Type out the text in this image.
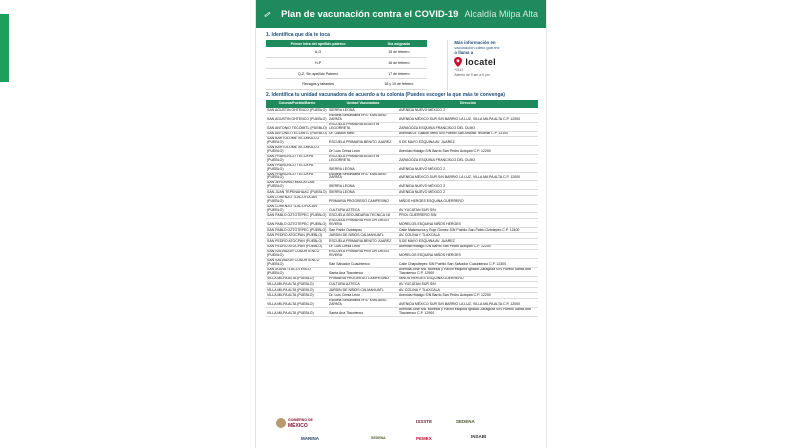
Plan de vacunación contra el COVID-19 Alcaldía Milpa Alta
1. Identifica que día te toca
Primer letra del apellido paterno	Día asignado
A-G	15 de febrero
H-P	16 de febrero
Q-Z, Sin apellido Paterno	17 de febrero
Rezagos y faltantes	18 y 19 de febrero
Más información en
vacunacion.cdmx.gob.mx
o llama a
locatel
*0311
Abierto de 9 am a 8 pm
2. Identifica tu unidad vacunadora de acuerdo a tu colonia (Puedes escoger la que más te convenga)
Colonia/Pueblo/Barrio	Unidad Vacunadora	Dirección
SAN AGUSTIN OHTENCO (PUEBLO)	SIERRA LEONA	AVENIDA NUEVO MÉXICO 2
SAN AGUSTIN OHTENCO (PUEBLO)	Escuela Secundaria Nº37 EMILIANO ZAPATA	AVENIDA MÉXICO SUR S/N BARRIO LA LUZ, VILLA MILPA ALTA C.P. 12000
SAN ANTONIO TECOMITL (PUEBLO)	ESCUELA PRIMARIA AGUSTIN LEGORRETA	ZARAGOZA ESQUINA FRANCISCO DEL OLMO
SAN ANTONIO TECOMITL (PUEBLO)	Dr. Gastón Melo	Avenida Dr. Gastón Melo S/N Pueblo San Antonio Tecomitl C.P. 12100
SAN BARTOLOME XICOMULCO (PUEBLO)	ESCUELA PRIMARIA BENITO JUAREZ	5 DE MAYO ESQUINA AV. JUAREZ
SAN BARTOLOME XICOMULCO (PUEBLO)	Dr. Luis Cresa León	Avenida Hidalgo S/N Barrio San Pedro Actopán C.P. 12200
SAN FRANCISCO TECOXPA (PUEBLO)	ESCUELA PRIMARIA AGUSTIN LEGORRETA	ZARAGOZA ESQUINA FRANCISCO DEL OLMO
SAN FRANCISCO TECOXPA (PUEBLO)	SIERRA LEONA	AVENIDA NUEVO MÉXICO 2
SAN FRANCISCO TECOXPA (PUEBLO)	Escuela Secundaria Nº37 EMILIANO ZAPATA	AVENIDA MÉXICO SUR S/N BARRIO LA LUZ, VILLA MILPA ALTA C.P. 12000
SAN JERONIMO MIACATLAN (PUEBLO)	SIERRA LEONA	AVENIDA NUEVO MÉXICO 2
SAN JUAN TEPENAHUAC (PUEBLO)	SIERRA LEONA	AVENIDA NUEVO MÉXICO 2
SAN LORENZO TLACOYUCAN (PUEBLO)	PRIMARIA PROGRESO CAMPESINO	NIÑOS HEROES ESQUINA GUERRERO
SAN LORENZO TLACOYUCAN (PUEBLO)	CULTURA AZTECA	AV YUCATAN SUR S/N
SAN PABLO OZTOTEPEC (PUEBLO)	ESCUELA SECUNDARIA TECNICA 18	PROL GUERRERO S/N
SAN PABLO OZTOTEPEC (PUEBLO)	ESCUELA PRIMARIA PINTOR DIEGO RIVERA	MORELOS ESQUINA NIÑOS HEROES
SAN PABLO OZTOTEPEC (PUEBLO)	San Pablo Oztotepec	Calle Matamoros y Rojo Gómez S/N Pueblo San Pablo Oztotepec C.P. 12400
SAN PEDRO ATOCPAN (PUEBLO)	JARDIN DE NIÑOS CALMAHUATL	AV. COLINA Y TLAXCALA
SAN PEDRO ATOCPAN (PUEBLO)	ESCUELA PRIMARIA BENITO JUAREZ	5 DE MAYO ESQUINA AV. JUAREZ
SAN PEDRO ATOCPAN (PUEBLO)	Dr. Luis Cresa León	Avenida Hidalgo S/N Barrio San Pedro Actopán C.P. 12200
SAN SALVADOR CUAUHTENCO (PUEBLO)	ESCUELA PRIMARIA PINTOR DIEGO RIVERA	MORELOS ESQUINA NIÑOS HEROES
SAN SALVADOR CUAUHTENCO (PUEBLO)	San Salvador Cuauhtenco	Calle Chapultepec S/N Pueblo San Salvador Cuauhtenco C.P. 12300
SANTA ANA TLACOTENCO (PUEBLO)	Santa Ana Tlacotenco	Avenida José Ma. Morelos y Pavón esquina Ignacio Zaragoza S/N Pueblo Santa Ana Tlacotenco C.P. 12900
VILLA MILPA ALTA (PUEBLO)	PRIMARIA PROGRESO CAMPESINO	NIÑOS HEROES ESQUINA GUERRERO
VILLA MILPA ALTA (PUEBLO)	CULTURA AZTECA	AV YUCATAN SUR S/N
VILLA MILPA ALTA (PUEBLO)	JARDIN DE NIÑOS CALMAHUATL	AV. COLINA Y TLAXCALA
VILLA MILPA ALTA (PUEBLO)	Dr. Luis Cresa León	Avenida Hidalgo S/N Barrio San Pedro Actopán C.P. 12200
VILLA MILPA ALTA (PUEBLO)	Escuela Secundaria Nº37 EMILIANO ZAPATA	AVENIDA MÉXICO SUR S/N BARRIO LA LUZ, VILLA MILPA ALTA C.P. 12000
VILLA MILPA ALTA (PUEBLO)	Santa Ana Tlacotenco	Avenida José Ma. Morelos y Pavón esquina Ignacio Zaragoza S/N Pueblo Santa Ana Tlacotenco C.P. 12900
GOBIERNO DE
MÉXICO
ISSSTE	SEDENA
MARINA	SEDENA	PEMEX	INSABI
